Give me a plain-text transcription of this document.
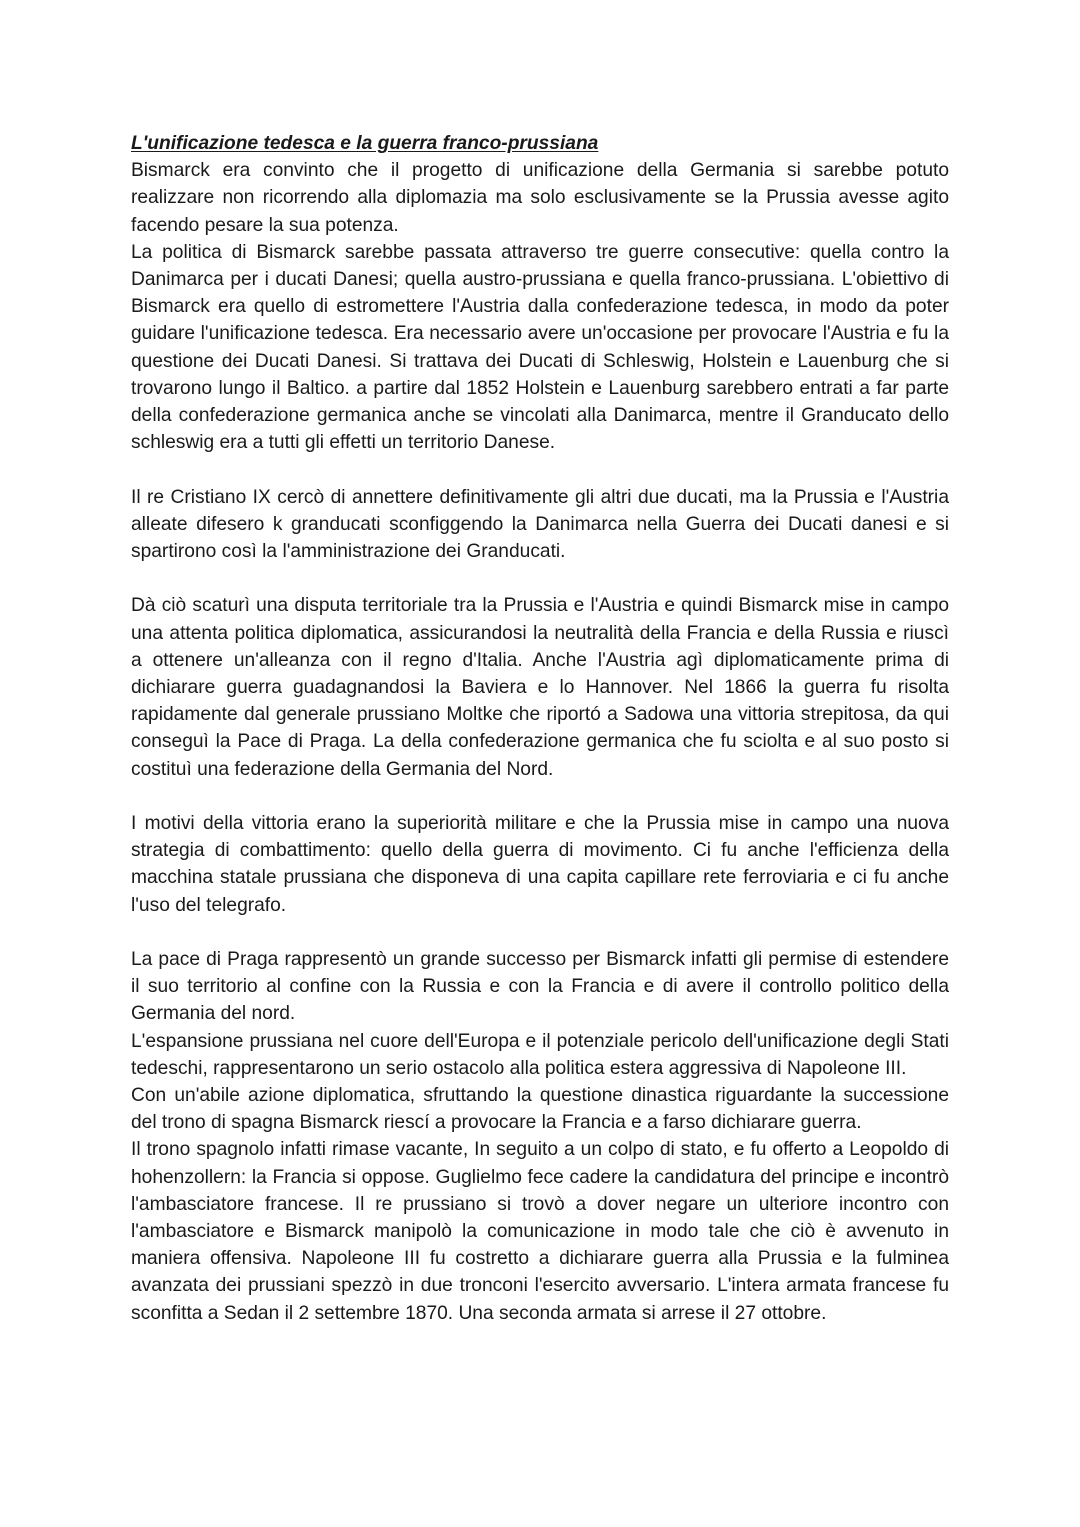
L'unificazione tedesca e la guerra franco-prussiana

Bismarck era convinto che il progetto di unificazione della Germania si sarebbe potuto realizzare non ricorrendo alla diplomazia ma solo esclusivamente se la Prussia avesse agito facendo pesare la sua potenza.

La politica di Bismarck sarebbe passata attraverso tre guerre consecutive: quella contro la Danimarca per i ducati Danesi; quella austro-prussiana e quella franco-prussiana. L'obiettivo di Bismarck era quello di estromettere l'Austria dalla confederazione tedesca, in modo da poter guidare l'unificazione tedesca. Era necessario avere un'occasione per provocare l'Austria e fu la questione dei Ducati Danesi. Si trattava dei Ducati di Schleswig, Holstein e Lauenburg che si trovarono lungo il Baltico. a partire dal 1852 Holstein e Lauenburg sarebbero entrati a far parte della confederazione germanica anche se vincolati alla Danimarca, mentre il Granducato dello schleswig era a tutti gli effetti un territorio Danese.

Il re Cristiano IX cercò di annettere definitivamente gli altri due ducati, ma la Prussia e l'Austria alleate difesero k granducati sconfiggendo la Danimarca nella Guerra dei Ducati danesi e si spartirono così la l'amministrazione dei Granducati.

Dà ciò scaturì una disputa territoriale tra la Prussia e l'Austria e quindi Bismarck mise in campo una attenta politica diplomatica, assicurandosi la neutralità della Francia e della Russia e riuscì a ottenere un'alleanza con il regno d'Italia. Anche l'Austria agì diplomaticamente prima di dichiarare guerra guadagnandosi la Baviera e lo Hannover. Nel 1866 la guerra fu risolta rapidamente dal generale prussiano Moltke che riportó a Sadowa una vittoria strepitosa, da qui conseguì la Pace di Praga. La della confederazione germanica che fu sciolta e al suo posto si costituì una federazione della Germania del Nord.

I motivi della vittoria erano la superiorità militare e che la Prussia mise in campo una nuova strategia di combattimento: quello della guerra di movimento. Ci fu anche l'efficienza della macchina statale prussiana che disponeva di una capita capillare rete ferroviaria e ci fu anche l'uso del telegrafo.

La pace di Praga rappresentò un grande successo per Bismarck infatti gli permise di estendere il suo territorio al confine con la Russia e con la Francia e di avere il controllo politico della Germania del nord.

L'espansione prussiana nel cuore dell'Europa e il potenziale pericolo dell'unificazione degli Stati tedeschi, rappresentarono un serio ostacolo alla politica estera aggressiva di Napoleone III.

Con un'abile azione diplomatica, sfruttando la questione dinastica riguardante la successione del trono di spagna Bismarck riescí a provocare la Francia e a farso dichiarare guerra.

Il trono spagnolo infatti rimase vacante, In seguito a un colpo di stato, e fu offerto a Leopoldo di hohenzollern: la Francia si oppose. Guglielmo fece cadere la candidatura del principe e incontrò l'ambasciatore francese. Il re prussiano si trovò a dover negare un ulteriore incontro con l'ambasciatore e Bismarck manipolò la comunicazione in modo tale che ciò è avvenuto in maniera offensiva. Napoleone III fu costretto a dichiarare guerra alla Prussia e la fulminea avanzata dei prussiani spezzò in due tronconi l'esercito avversario. L'intera armata francese fu sconfitta a Sedan il 2 settembre 1870. Una seconda armata si arrese il 27 ottobre.
